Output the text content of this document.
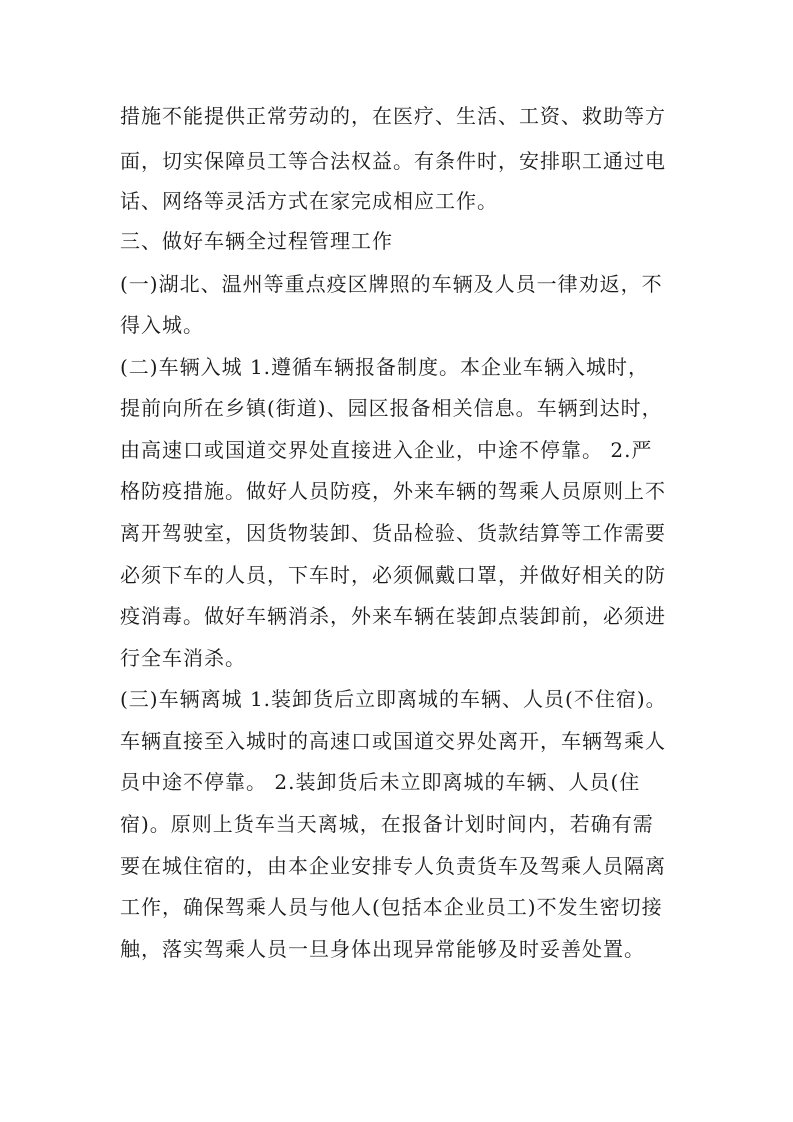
措施不能提供正常劳动的，在医疗、生活、工资、救助等方
面，切实保障员工等合法权益。有条件时，安排职工通过电
话、网络等灵活方式在家完成相应工作。
三、做好车辆全过程管理工作
(一)湖北、温州等重点疫区牌照的车辆及人员一律劝返，不
得入城。
(二)车辆入城 1.遵循车辆报备制度。本企业车辆入城时，
提前向所在乡镇(街道)、园区报备相关信息。车辆到达时，
由高速口或国道交界处直接进入企业，中途不停靠。 2.严
格防疫措施。做好人员防疫，外来车辆的驾乘人员原则上不
离开驾驶室，因货物装卸、货品检验、货款结算等工作需要
必须下车的人员，下车时，必须佩戴口罩，并做好相关的防
疫消毒。做好车辆消杀，外来车辆在装卸点装卸前，必须进
行全车消杀。
(三)车辆离城 1.装卸货后立即离城的车辆、人员(不住宿)。
车辆直接至入城时的高速口或国道交界处离开，车辆驾乘人
员中途不停靠。 2.装卸货后未立即离城的车辆、人员(住
宿)。原则上货车当天离城，在报备计划时间内，若确有需
要在城住宿的，由本企业安排专人负责货车及驾乘人员隔离
工作，确保驾乘人员与他人(包括本企业员工)不发生密切接
触，落实驾乘人员一旦身体出现异常能够及时妥善处置。
